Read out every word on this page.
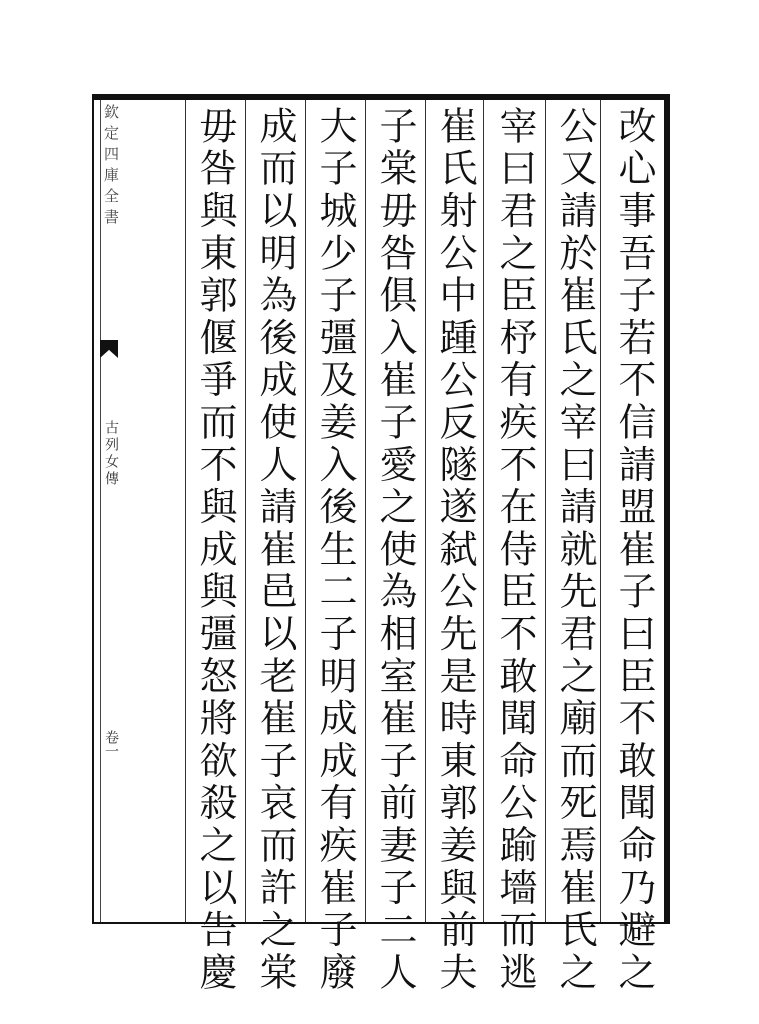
改心事吾子若不信請盟崔子曰臣不敢聞命乃避之
公又請於崔氏之宰曰請就先君之廟而死焉崔氏之
宰曰君之臣杼有疾不在侍臣不敢聞命公踰墻而逃
崔氏射公中踵公反隧遂弑公先是時東郭姜與前夫
子棠毋咎俱入崔子愛之使為相室崔子前妻子二人
大子城少子彊及姜入後生二子明成成有疾崔子廢
成而以明為後成使人請崔邑以老崔子哀而許之棠
毋咎與東郭偃爭而不與成與彊怒將欲殺之以告慶
欽定四庫全書
古列女傳
卷一
